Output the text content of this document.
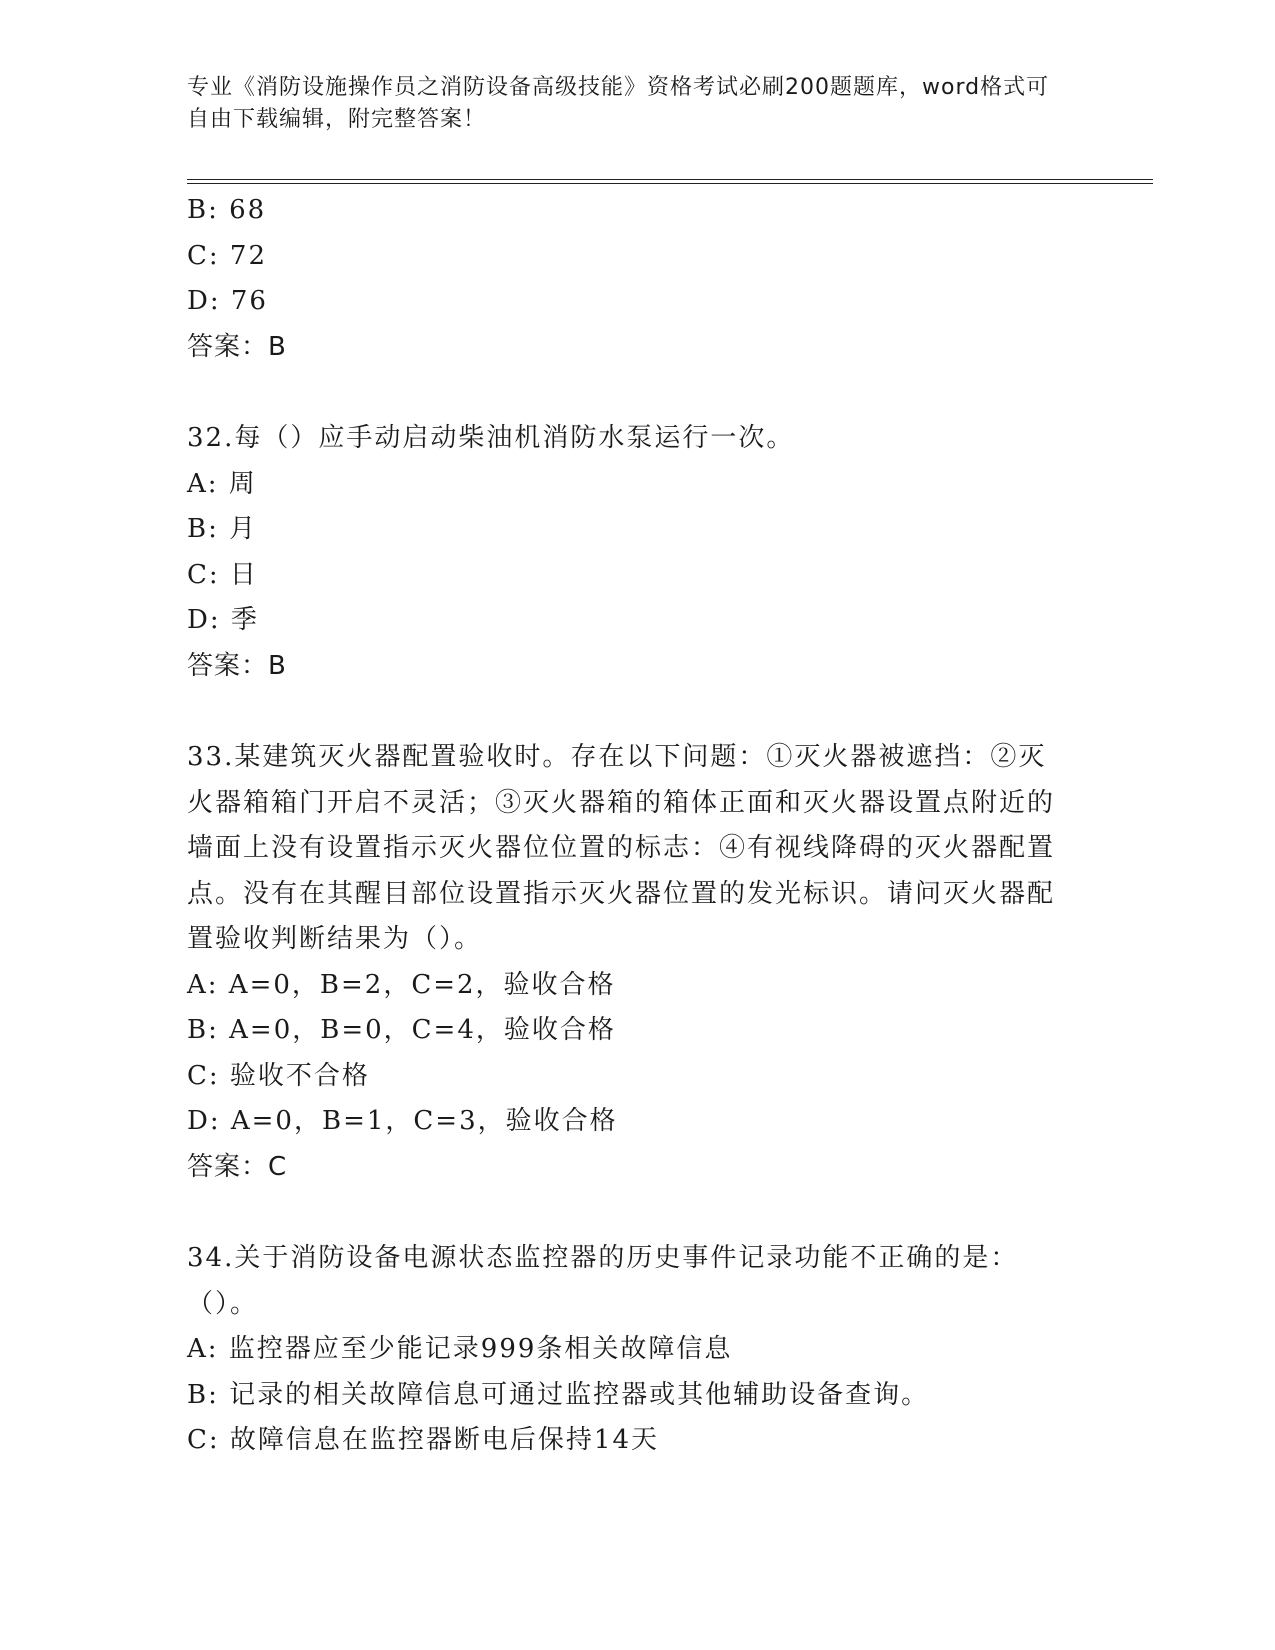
专业《消防设施操作员之消防设备高级技能》资格考试必刷200题题库，word格式可自由下载编辑，附完整答案！
B: 68
C: 72
D: 76
答案：B
32.每（）应手动启动柴油机消防水泵运行一次。
A: 周
B: 月
C: 日
D: 季
答案：B
33.某建筑灭火器配置验收时。存在以下问题：①灭火器被遮挡：②灭火器箱箱门开启不灵活；③灭火器箱的箱体正面和灭火器设置点附近的墙面上没有设置指示灭火器位位置的标志：④有视线降碍的灭火器配置点。没有在其醒目部位设置指示灭火器位置的发光标识。请问灭火器配置验收判断结果为（）。
A: A=0，B=2，C=2，验收合格
B: A=0，B=0，C=4，验收合格
C: 验收不合格
D: A=0，B=1，C=3，验收合格
答案：C
34.关于消防设备电源状态监控器的历史事件记录功能不正确的是：（）。
A: 监控器应至少能记录999条相关故障信息
B: 记录的相关故障信息可通过监控器或其他辅助设备查询。
C: 故障信息在监控器断电后保持14天
